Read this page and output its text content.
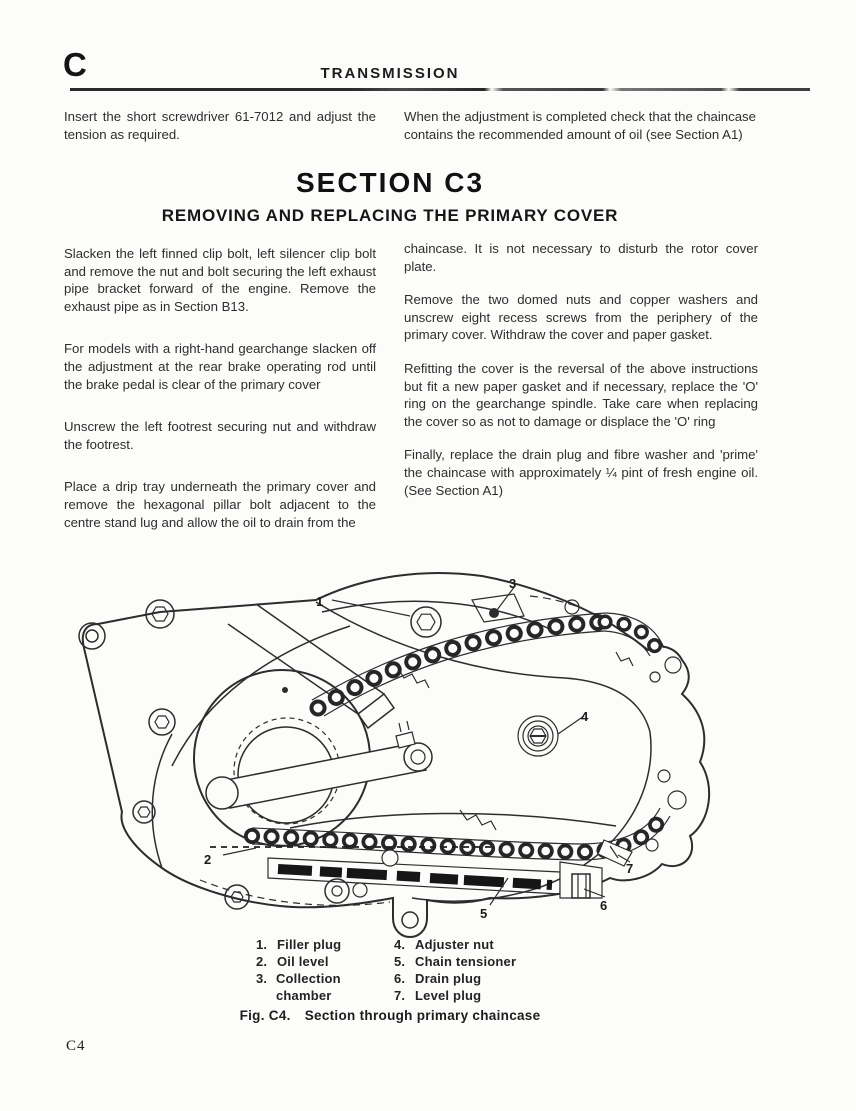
C	TRANSMISSION
Insert the short screwdriver 61-7012 and adjust the tension as required.
When the adjustment is completed check that the chaincase contains the recommended amount of oil (see Section A1)
SECTION C3
REMOVING AND REPLACING THE PRIMARY COVER

Slacken the left finned clip bolt, left silencer clip bolt and remove the nut and bolt securing the left exhaust pipe bracket forward of the engine. Remove the exhaust pipe as in Section B13.

For models with a right-hand gearchange slacken off the adjustment at the rear brake operating rod until the brake pedal is clear of the primary cover

Unscrew the left footrest securing nut and withdraw the footrest.

Place a drip tray underneath the primary cover and remove the hexagonal pillar bolt adjacent to the centre stand lug and allow the oil to drain from the

chaincase. It is not necessary to disturb the rotor cover plate.

Remove the two domed nuts and copper washers and unscrew eight recess screws from the periphery of the primary cover. Withdraw the cover and paper gasket.

Refitting the cover is the reversal of the above instructions but fit a new paper gasket and if necessary, replace the 'O' ring on the gearchange spindle. Take care when replacing the cover so as not to damage or displace the 'O' ring

Finally, replace the drain plug and fibre washer and 'prime' the chaincase with approximately ¼ pint of fresh engine oil. (See Section A1)

1
2
3
4
5
6
7
1. Filler plug
2. Oil level
3. Collection chamber
4. Adjuster nut
5. Chain tensioner
6. Drain plug
7. Level plug
Fig. C4. Section through primary chaincase
C4
